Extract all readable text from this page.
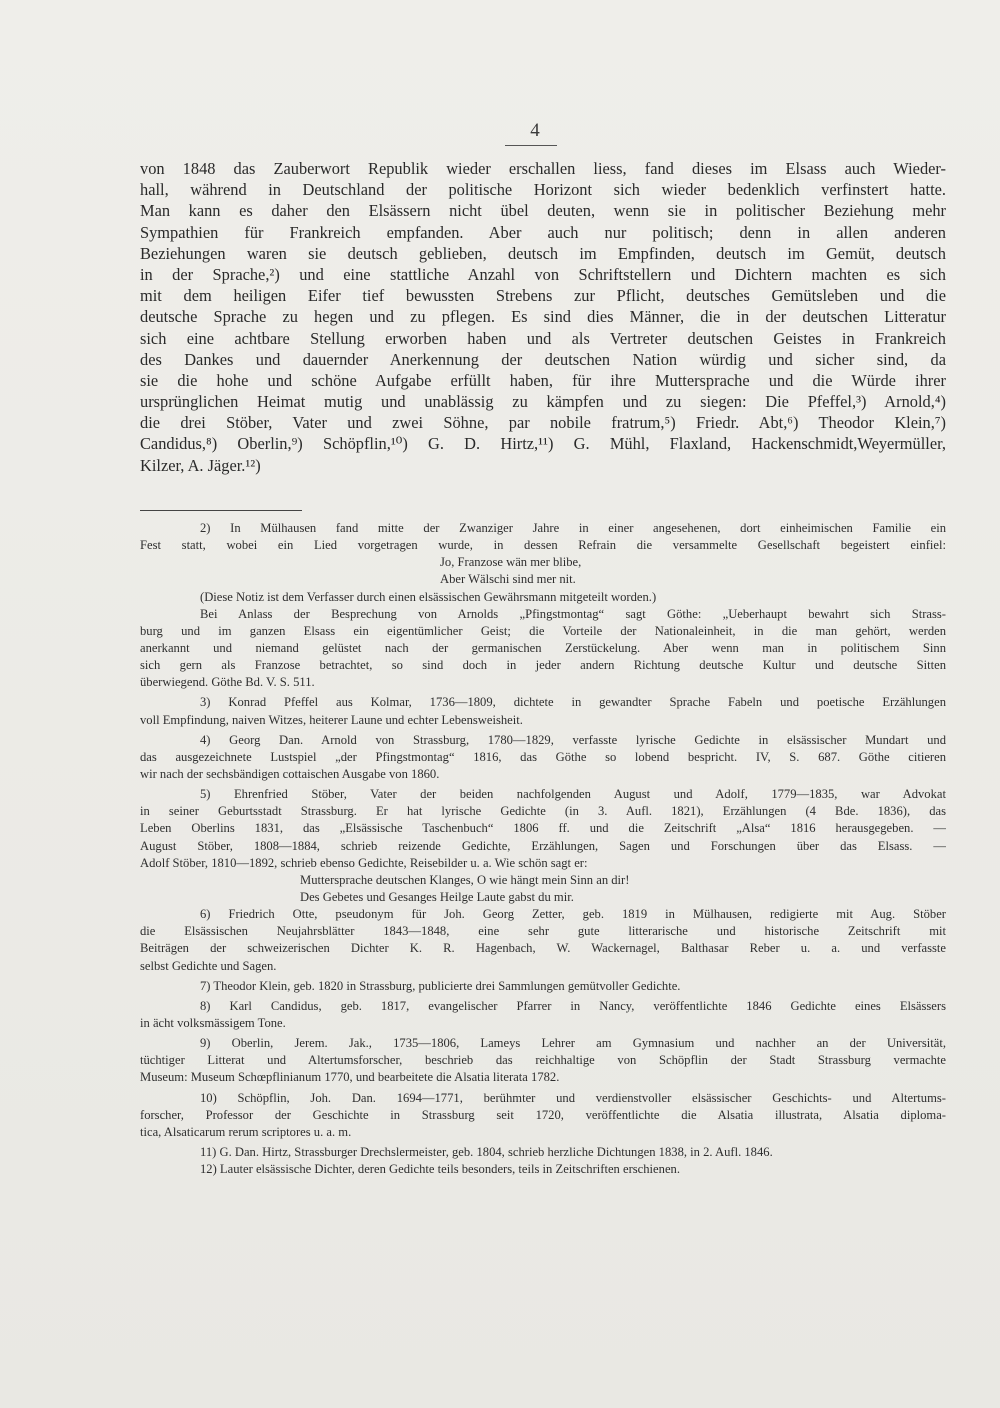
4
von 1848 das Zauberwort Republik wieder erschallen liess, fand dieses im Elsass auch Wieder-
hall, während in Deutschland der politische Horizont sich wieder bedenklich verfinstert hatte.
Man kann es daher den Elsässern nicht übel deuten, wenn sie in politischer Beziehung mehr
Sympathien für Frankreich empfanden. Aber auch nur politisch; denn in allen anderen
Beziehungen waren sie deutsch geblieben, deutsch im Empfinden, deutsch im Gemüt, deutsch
in der Sprache,²) und eine stattliche Anzahl von Schriftstellern und Dichtern machten es sich
mit dem heiligen Eifer tief bewussten Strebens zur Pflicht, deutsches Gemütsleben und die
deutsche Sprache zu hegen und zu pflegen. Es sind dies Männer, die in der deutschen Litteratur
sich eine achtbare Stellung erworben haben und als Vertreter deutschen Geistes in Frankreich
des Dankes und dauernder Anerkennung der deutschen Nation würdig und sicher sind, da
sie die hohe und schöne Aufgabe erfüllt haben, für ihre Muttersprache und die Würde ihrer
ursprünglichen Heimat mutig und unablässig zu kämpfen und zu siegen: Die Pfeffel,³) Arnold,⁴)
die drei Stöber, Vater und zwei Söhne, par nobile fratrum,⁵) Friedr. Abt,⁶) Theodor Klein,⁷)
Candidus,⁸) Oberlin,⁹) Schöpflin,¹⁰) G. D. Hirtz,¹¹) G. Mühl, Flaxland, Hackenschmidt,Weyermüller,
Kilzer, A. Jäger.¹²)
2) In Mülhausen fand mitte der Zwanziger Jahre in einer angesehenen, dort einheimischen Familie ein
Fest statt, wobei ein Lied vorgetragen wurde, in dessen Refrain die versammelte Gesellschaft begeistert einfiel:
Jo, Franzose wän mer blibe,
Aber Wälschi sind mer nit.
(Diese Notiz ist dem Verfasser durch einen elsässischen Gewährsmann mitgeteilt worden.)
Bei Anlass der Besprechung von Arnolds „Pfingstmontag“ sagt Göthe: „Ueberhaupt bewahrt sich Strass-
burg und im ganzen Elsass ein eigentümlicher Geist; die Vorteile der Nationaleinheit, in die man gehört, werden
anerkannt und niemand gelüstet nach der germanischen Zerstückelung. Aber wenn man in politischem Sinn
sich gern als Franzose betrachtet, so sind doch in jeder andern Richtung deutsche Kultur und deutsche Sitten
überwiegend. Göthe Bd. V. S. 511.
3) Konrad Pfeffel aus Kolmar, 1736—1809, dichtete in gewandter Sprache Fabeln und poetische Erzählungen
voll Empfindung, naiven Witzes, heiterer Laune und echter Lebensweisheit.
4) Georg Dan. Arnold von Strassburg, 1780—1829, verfasste lyrische Gedichte in elsässischer Mundart und
das ausgezeichnete Lustspiel „der Pfingstmontag“ 1816, das Göthe so lobend bespricht. IV, S. 687. Göthe citieren
wir nach der sechsbändigen cottaischen Ausgabe von 1860.
5) Ehrenfried Stöber, Vater der beiden nachfolgenden August und Adolf, 1779—1835, war Advokat
in seiner Geburtsstadt Strassburg. Er hat lyrische Gedichte (in 3. Aufl. 1821), Erzählungen (4 Bde. 1836), das
Leben Oberlins 1831, das „Elsässische Taschenbuch“ 1806 ff. und die Zeitschrift „Alsa“ 1816 herausgegeben. —
August Stöber, 1808—1884, schrieb reizende Gedichte, Erzählungen, Sagen und Forschungen über das Elsass. —
Adolf Stöber, 1810—1892, schrieb ebenso Gedichte, Reisebilder u. a. Wie schön sagt er:
Muttersprache deutschen Klanges, O wie hängt mein Sinn an dir!
Des Gebetes und Gesanges Heilge Laute gabst du mir.
6) Friedrich Otte, pseudonym für Joh. Georg Zetter, geb. 1819 in Mülhausen, redigierte mit Aug. Stöber
die Elsässischen Neujahrsblätter 1843—1848, eine sehr gute litterarische und historische Zeitschrift mit
Beiträgen der schweizerischen Dichter K. R. Hagenbach, W. Wackernagel, Balthasar Reber u. a. und verfasste
selbst Gedichte und Sagen.
7) Theodor Klein, geb. 1820 in Strassburg, publicierte drei Sammlungen gemütvoller Gedichte.
8) Karl Candidus, geb. 1817, evangelischer Pfarrer in Nancy, veröffentlichte 1846 Gedichte eines Elsässers
in ächt volksmässigem Tone.
9) Oberlin, Jerem. Jak., 1735—1806, Lameys Lehrer am Gymnasium und nachher an der Universität,
tüchtiger Litterat und Altertumsforscher, beschrieb das reichhaltige von Schöpflin der Stadt Strassburg vermachte
Museum: Museum Schœpflinianum 1770, und bearbeitete die Alsatia literata 1782.
10) Schöpflin, Joh. Dan. 1694—1771, berühmter und verdienstvoller elsässischer Geschichts- und Altertums-
forscher, Professor der Geschichte in Strassburg seit 1720, veröffentlichte die Alsatia illustrata, Alsatia diploma-
tica, Alsaticarum rerum scriptores u. a. m.
11) G. Dan. Hirtz, Strassburger Drechslermeister, geb. 1804, schrieb herzliche Dichtungen 1838, in 2. Aufl. 1846.
12) Lauter elsässische Dichter, deren Gedichte teils besonders, teils in Zeitschriften erschienen.
